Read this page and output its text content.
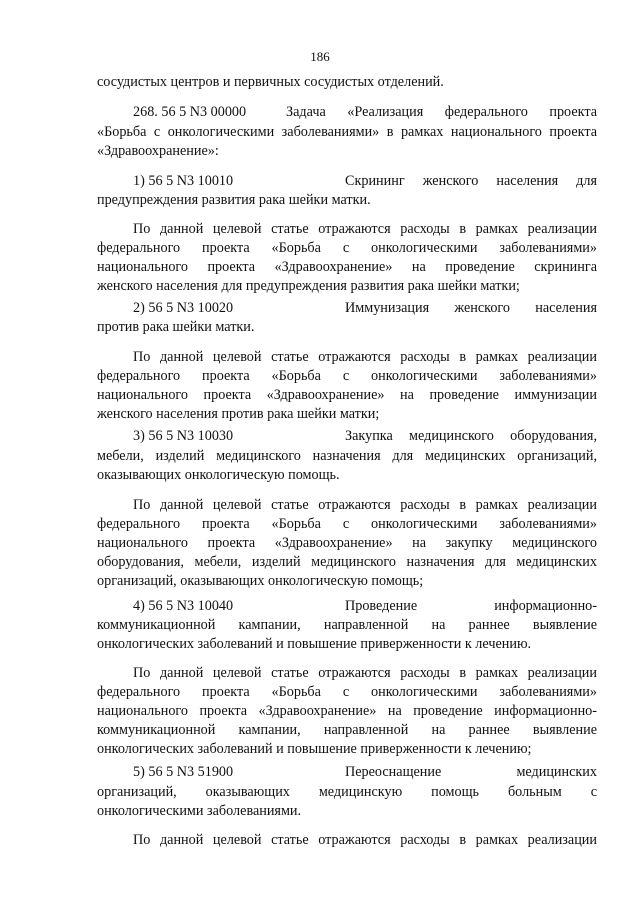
186
сосудистых центров и первичных сосудистых отделений.
268. 56 5 N3 00000	Задача «Реализация федерального проекта
«Борьба с онкологическими заболеваниями» в рамках национального проекта
«Здравоохранение»:
1) 56 5 N3 10010	Скрининг женского населения для
предупреждения развития рака шейки матки.
По данной целевой статье отражаются расходы в рамках реализации
федерального проекта «Борьба с онкологическими заболеваниями»
национального проекта «Здравоохранение» на проведение скрининга
женского населения для предупреждения развития рака шейки матки;
2) 56 5 N3 10020	Иммунизация женского населения
против рака шейки матки.
По данной целевой статье отражаются расходы в рамках реализации
федерального проекта «Борьба с онкологическими заболеваниями»
национального проекта «Здравоохранение» на проведение иммунизации
женского населения против рака шейки матки;
3) 56 5 N3 10030	Закупка медицинского оборудования,
мебели, изделий медицинского назначения для медицинских организаций,
оказывающих онкологическую помощь.
По данной целевой статье отражаются расходы в рамках реализации
федерального проекта «Борьба с онкологическими заболеваниями»
национального проекта «Здравоохранение» на закупку медицинского
оборудования, мебели, изделий медицинского назначения для медицинских
организаций, оказывающих онкологическую помощь;
4) 56 5 N3 10040	Проведение информационно-
коммуникационной кампании, направленной на раннее выявление
онкологических заболеваний и повышение приверженности к лечению.
По данной целевой статье отражаются расходы в рамках реализации
федерального проекта «Борьба с онкологическими заболеваниями»
национального проекта «Здравоохранение» на проведение информационно-
коммуникационной кампании, направленной на раннее выявление
онкологических заболеваний и повышение приверженности к лечению;
5) 56 5 N3 51900	Переоснащение медицинских
организаций, оказывающих медицинскую помощь больным с
онкологическими заболеваниями.
По данной целевой статье отражаются расходы в рамках реализации
